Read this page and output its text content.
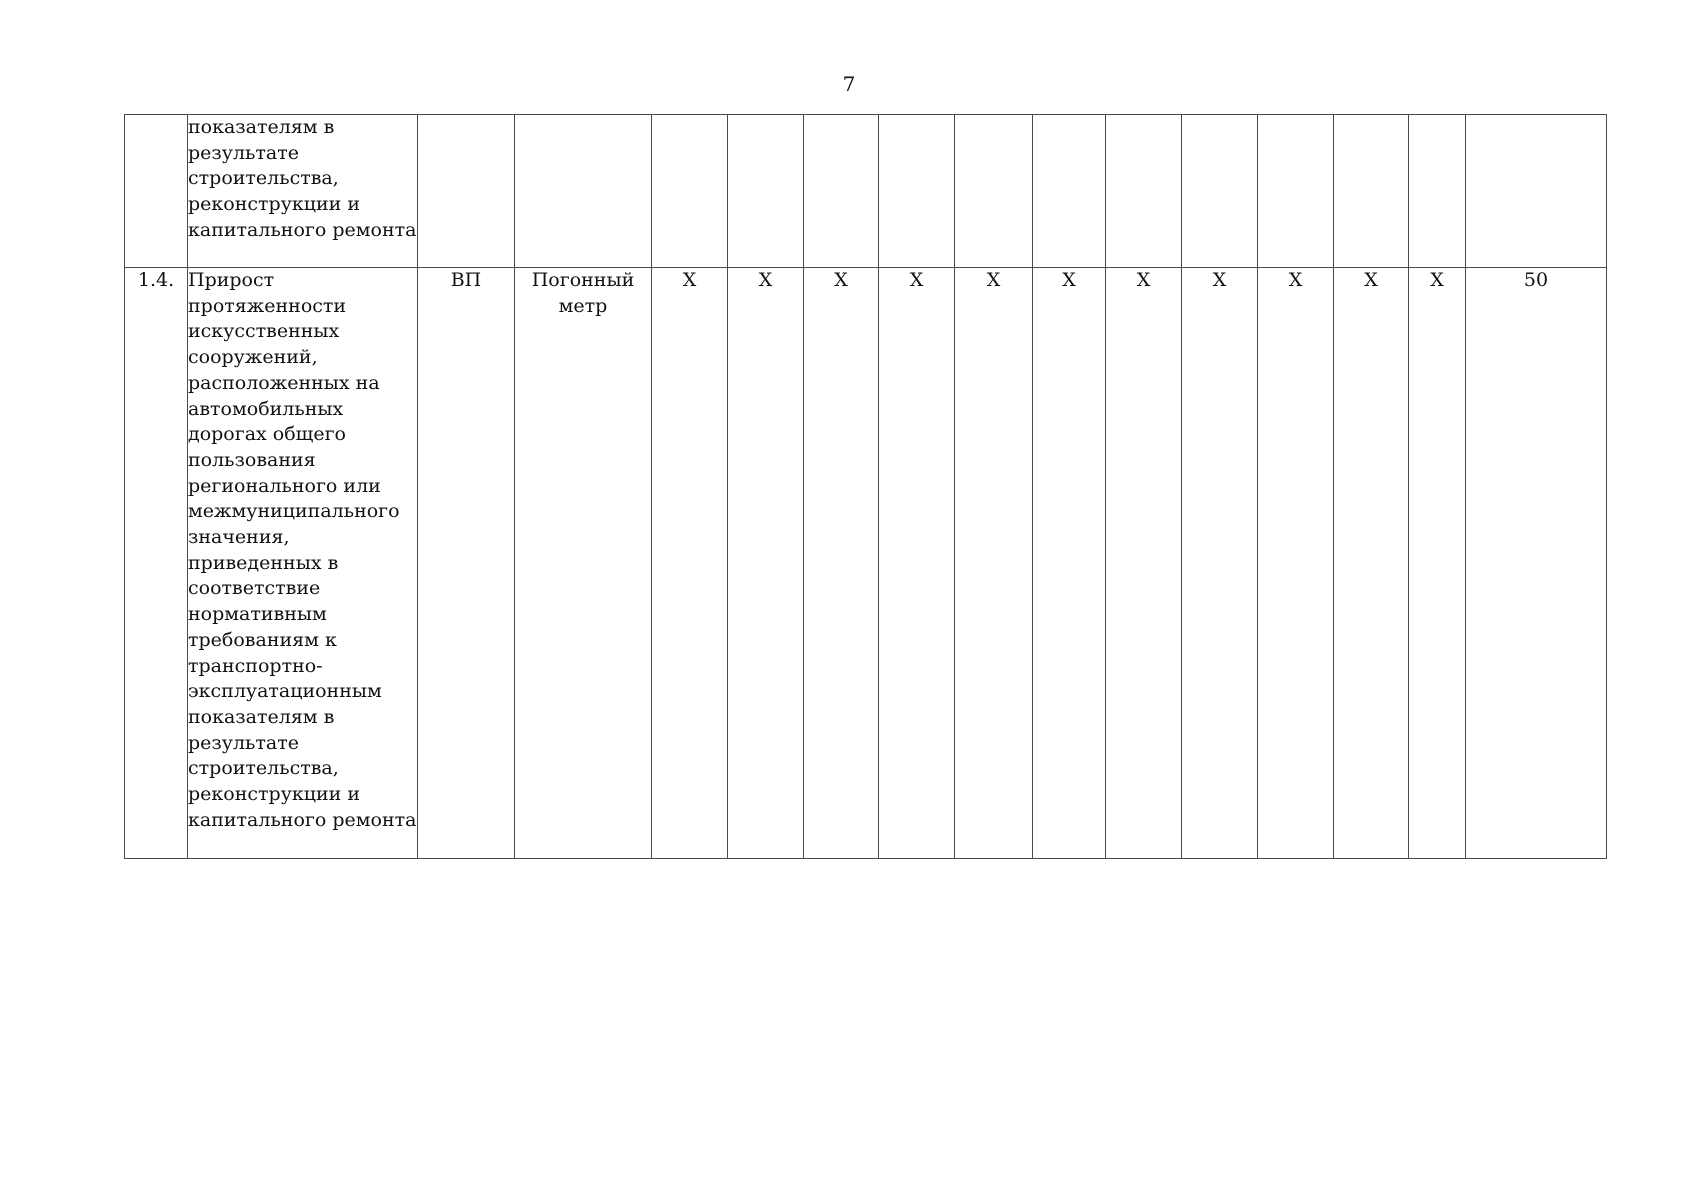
7

	показателям в результате строительства, реконструкции и капитального ремонта														

1.4.	Прирост протяженности искусственных сооружений, расположенных на автомобильных дорогах общего пользования регионального или межмуниципального значения, приведенных в соответствие нормативным требованиям к транспортно-эксплуатационным показателям в результате строительства, реконструкции и капитального ремонта	ВП	Погонный метр	X	X	X	X	X	X	X	X	X	X	X	50
